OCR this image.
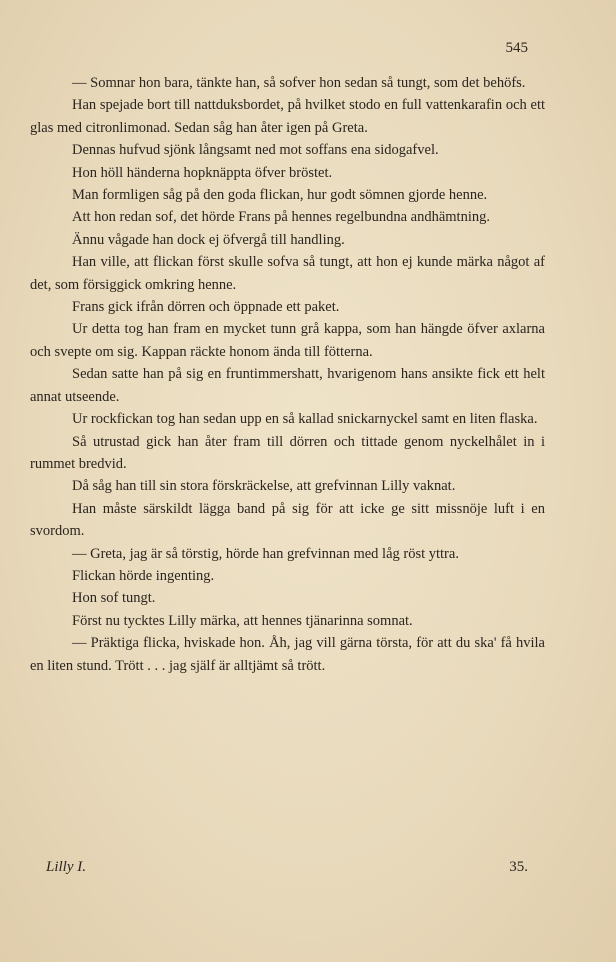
545

— Somnar hon bara, tänkte han, så sofver hon sedan så tungt, som det behöfs.

Han spejade bort till nattduksbordet, på hvilket stodo en full vattenkarafin och ett glas med citronlimonad. Sedan såg han åter igen på Greta.

Dennas hufvud sjönk långsamt ned mot soffans ena sidogafvel.

Hon höll händerna hopknäppta öfver bröstet.

Man formligen såg på den goda flickan, hur godt sömnen gjorde henne.

Att hon redan sof, det hörde Frans på hennes regelbundna andhämtning.

Ännu vågade han dock ej öfvergå till handling.

Han ville, att flickan först skulle sofva så tungt, att hon ej kunde märka något af det, som försiggick omkring henne.

Frans gick ifrån dörren och öppnade ett paket.

Ur detta tog han fram en mycket tunn grå kappa, som han hängde öfver axlarna och svepte om sig. Kappan räckte honom ända till fötterna.

Sedan satte han på sig en fruntimmershatt, hvarigenom hans ansikte fick ett helt annat utseende.

Ur rockfickan tog han sedan upp en så kallad snickarnyckel samt en liten flaska.

Så utrustad gick han åter fram till dörren och tittade genom nyckelhålet in i rummet bredvid.

Då såg han till sin stora förskräckelse, att grefvinnan Lilly vaknat.

Han måste särskildt lägga band på sig för att icke ge sitt missnöje luft i en svordom.

— Greta, jag är så törstig, hörde han grefvinnan med låg röst yttra.

Flickan hörde ingenting.

Hon sof tungt.

Först nu tycktes Lilly märka, att hennes tjänarinna somnat.

— Präktiga flicka, hviskade hon. Åh, jag vill gärna törsta, för att du ska' få hvila en liten stund. Trött . . . jag själf är alltjämt så trött.

Lilly I.	35.
